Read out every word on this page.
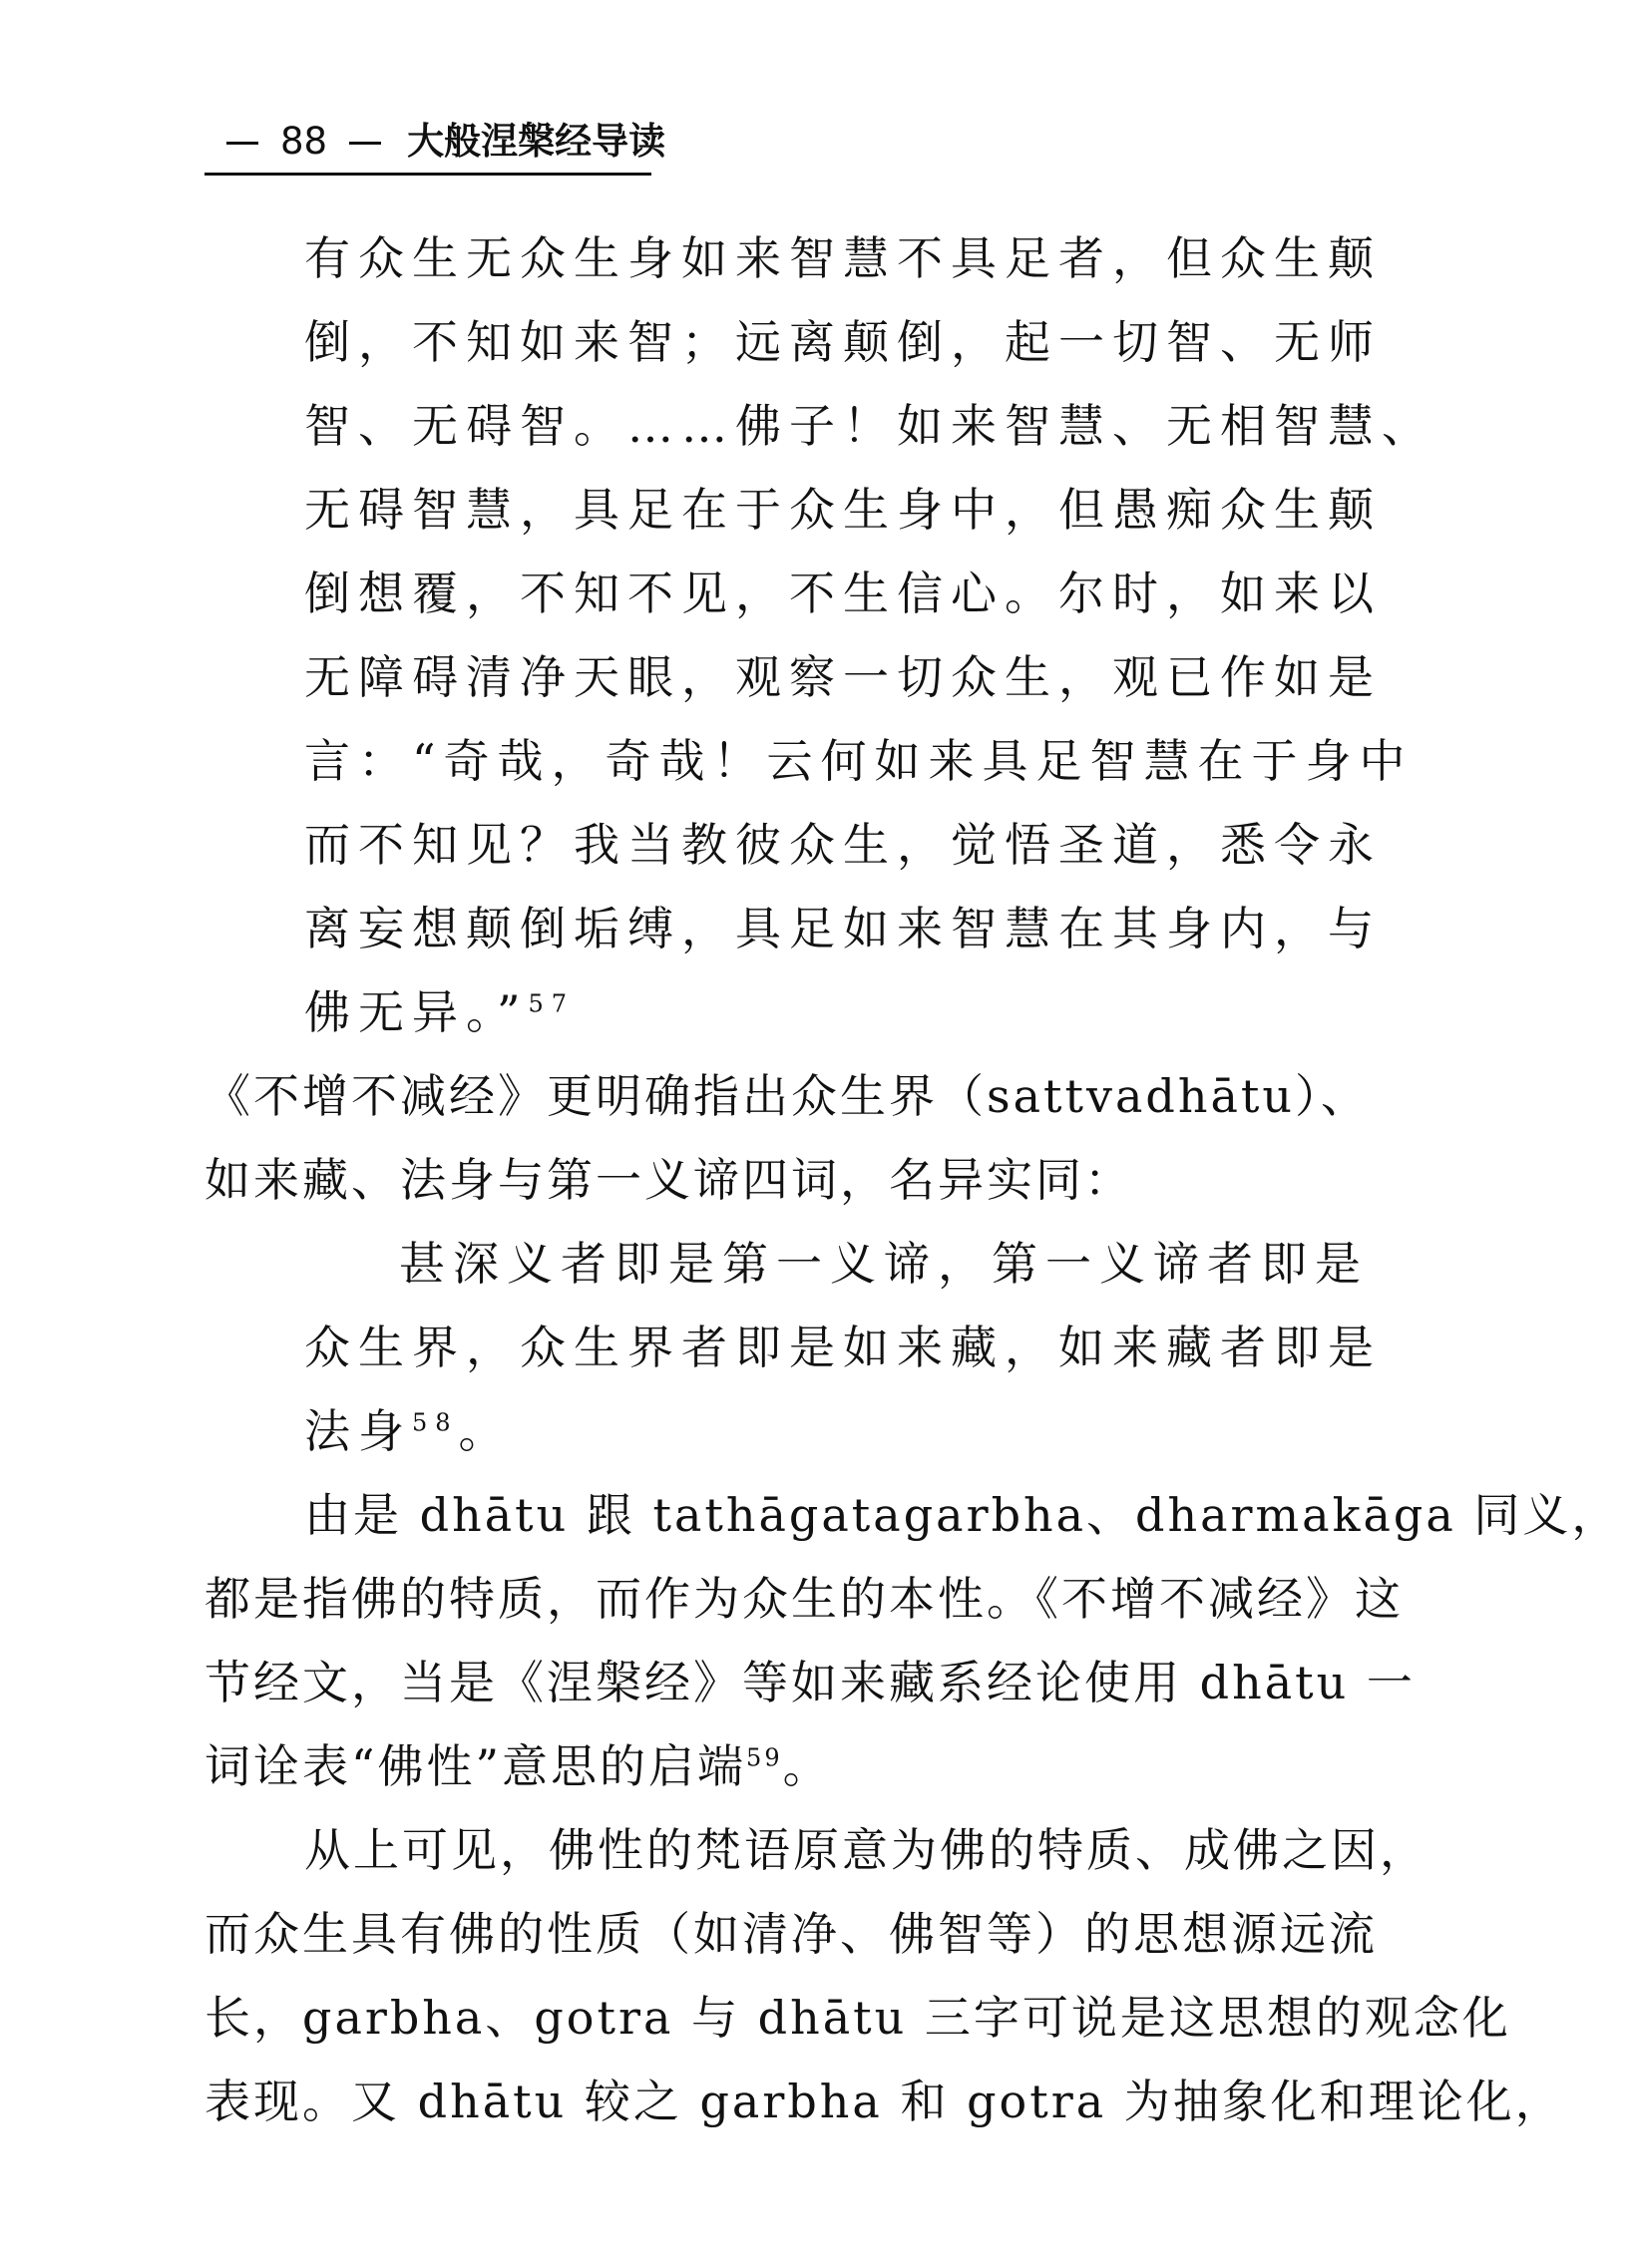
88 大般涅槃经导读
有众生无众生身如来智慧不具足者，但众生颠
倒，不知如来智；远离颠倒，起一切智、无师
智、无碍智。……佛子！如来智慧、无相智慧、
无碍智慧，具足在于众生身中，但愚痴众生颠
倒想覆，不知不见，不生信心。尔时，如来以
无障碍清净天眼，观察一切众生，观已作如是
言：“奇哉，奇哉！云何如来具足智慧在于身中
而不知见？我当教彼众生，觉悟圣道，悉令永
离妄想颠倒垢缚，具足如来智慧在其身内，与
佛无异。”$^{57}$
《不增不减经》更明确指出众生界（sattvadhātu）、
如来藏、法身与第一义谛四词，名异实同：
甚深义者即是第一义谛，第一义谛者即是
众生界，众生界者即是如来藏，如来藏者即是
法身$^{58}$。
由是 dhātu 跟 tathāgatagarbha、dharmakāga 同义，
都是指佛的特质，而作为众生的本性。《不增不减经》这
节经文，当是《涅槃经》等如来藏系经论使用 dhātu 一
词诠表“佛性”意思的启端$^{59}$。
从上可见，佛性的梵语原意为佛的特质、成佛之因，
而众生具有佛的性质（如清净、佛智等）的思想源远流
长，garbha、gotra 与 dhātu 三字可说是这思想的观念化
表现。又 dhātu 较之 garbha 和 gotra 为抽象化和理论化，
